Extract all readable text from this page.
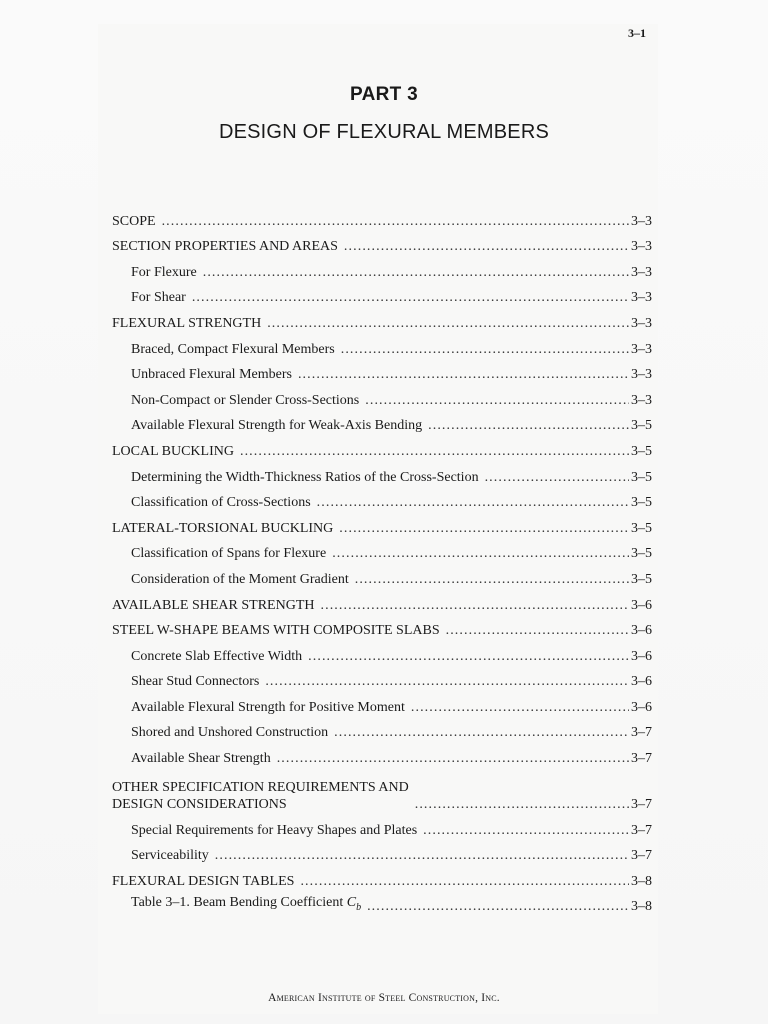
3–1
PART 3
DESIGN OF FLEXURAL MEMBERS
SCOPE . . .	3–3
SECTION PROPERTIES AND AREAS . . .	3–3
For Flexure . . .	3–3
For Shear . . .	3–3
FLEXURAL STRENGTH . . .	3–3
Braced, Compact Flexural Members . . .	3–3
Unbraced Flexural Members . . .	3–3
Non-Compact or Slender Cross-Sections . . .	3–3
Available Flexural Strength for Weak-Axis Bending . . .	3–5
LOCAL BUCKLING . . .	3–5
Determining the Width-Thickness Ratios of the Cross-Section . . .	3–5
Classification of Cross-Sections . . .	3–5
LATERAL-TORSIONAL BUCKLING . . .	3–5
Classification of Spans for Flexure . . .	3–5
Consideration of the Moment Gradient . . .	3–5
AVAILABLE SHEAR STRENGTH . . .	3–6
STEEL W-SHAPE BEAMS WITH COMPOSITE SLABS . . .	3–6
Concrete Slab Effective Width . . .	3–6
Shear Stud Connectors . . .	3–6
Available Flexural Strength for Positive Moment . . .	3–6
Shored and Unshored Construction . . .	3–7
Available Shear Strength . . .	3–7
OTHER SPECIFICATION REQUIREMENTS AND
DESIGN CONSIDERATIONS . . .	3–7
Special Requirements for Heavy Shapes and Plates . . .	3–7
Serviceability . . .	3–7
FLEXURAL DESIGN TABLES . . .	3–8
Table 3–1. Beam Bending Coefficient $C_b$ . . .	3–8
American Institute of Steel Construction, Inc.
